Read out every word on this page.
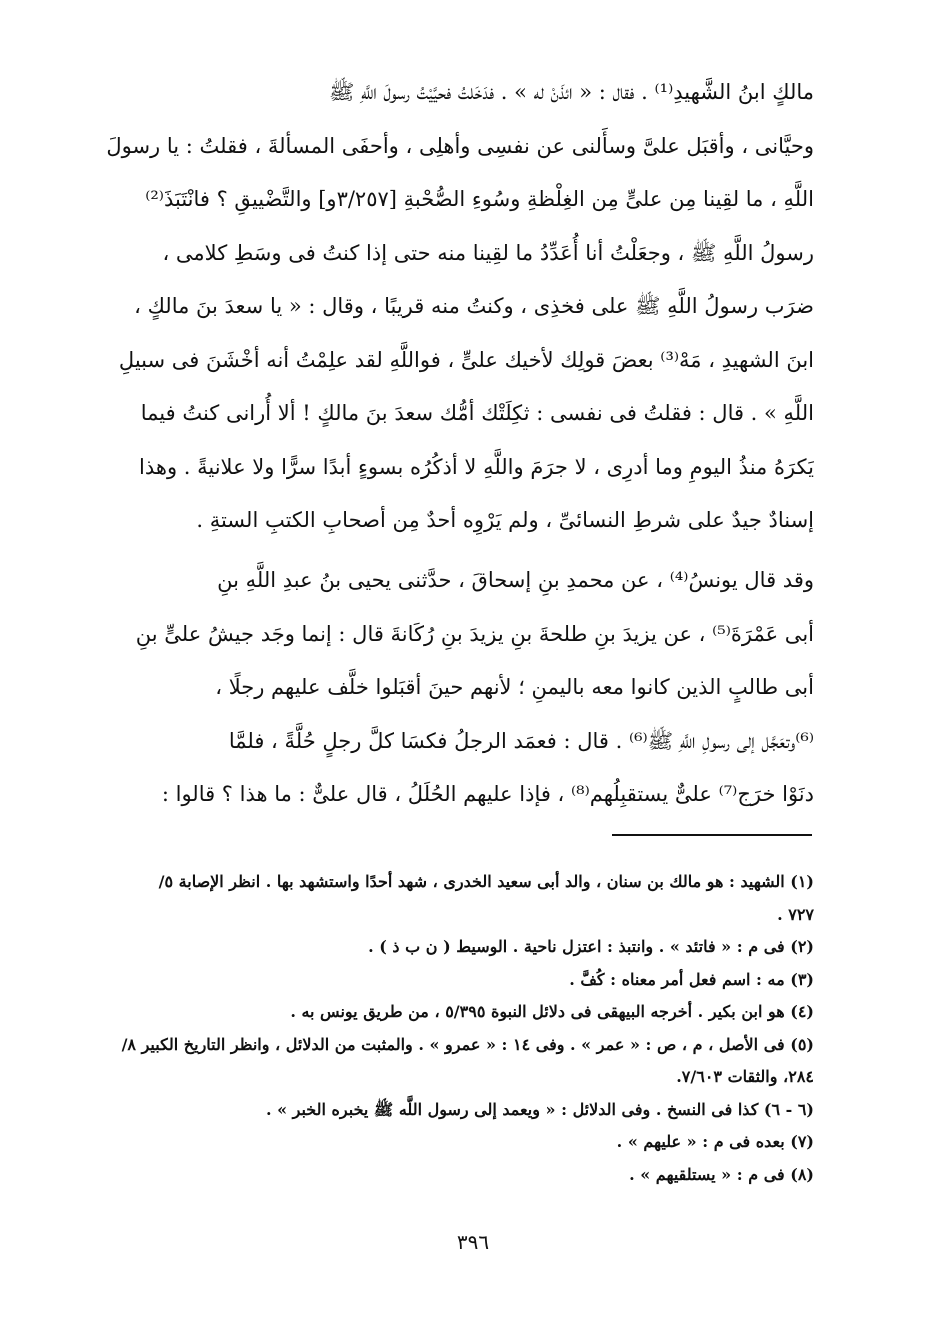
مالكٍ ابنُ الشَّهيدِ⁽¹⁾ . فقال : « ائذَنْ له » . فدَخَلتُ فحيَّيْتُ رسولَ اللَّهِ ﷺ
وحيَّانى ، وأقبَل علىَّ وسأَلنى عن نفسِى وأهلِى ، وأحفَى المسألةَ ، فقلتُ : يا رسولَ
اللَّهِ ، ما لقِينا مِن علىٍّ مِن الغِلْظةِ وسُوءِ الصُّحْبةِ [٣/٢٥٧و] والتَّضْييقِ ؟ فانْتَبَذَ⁽²⁾
رسولُ اللَّهِ ﷺ ، وجعَلْتُ أنا أُعَدِّدُ ما لقِينا منه حتى إذا كنتُ فى وسَطِ كلامى ،
ضرَب رسولُ اللَّهِ ﷺ على فخذِى ، وكنتُ منه قريبًا ، وقال : « يا سعدَ بنَ مالكٍ ،
ابنَ الشهيدِ ، مَهْ⁽³⁾ بعضَ قولِك لأخيك علىٍّ ، فواللَّهِ لقد علِمْتُ أنه أخْشَنَ فى سبيلِ
اللَّهِ » . قال : فقلتُ فى نفسى : ثكِلَتْك أمُّك سعدَ بنَ مالكٍ ! ألا أُرانى كنتُ فيما
يَكرَهُ منذُ اليومِ وما أدرِى ، لا جرَمَ واللَّهِ لا أذكُرُه بسوءٍ أبدًا سرًّا ولا علانيةً . وهذا
إسنادٌ جيدٌ على شرطِ النسائىِّ ، ولم يَرْوِه أحدٌ مِن أصحابِ الكتبِ الستةِ .
وقد قال يونسُ⁽⁴⁾ ، عن محمدِ بنِ إسحاقَ ، حدَّثنى يحيى بنُ عبدِ اللَّهِ بنِ
أبى عَمْرَةَ⁽⁵⁾ ، عن يزيدَ بنِ طلحةَ بنِ يزيدَ بنِ رُكَانةَ قال : إنما وجَد جيشُ علىٍّ بنِ
أبى طالبٍ الذين كانوا معه باليمنِ ؛ لأنهم حينَ أقبَلوا خلَّف عليهم رجلًا ،
⁽⁶⁾وتعَجَّل إلى رسولِ اللَّهِ ﷺ⁽⁶⁾ . قال : فعمَد الرجلُ فكسَا كلَّ رجلٍ حُلَّةً ، فلمَّا
دنَوْا خرَج⁽⁷⁾ علىٌّ يستقبِلُهم⁽⁸⁾ ، فإذا عليهم الحُلَلُ ، قال علىٌّ : ما هذا ؟ قالوا :
(١) الشهيد : هو مالك بن سنان ، والد أبى سعيد الخدرى ، شهد أحدًا واستشهد بها . انظر الإصابة ٥/
٧٢٧ .
(٢) فى م : « فاتئد » . وانتبذ : اعتزل ناحية . الوسيط ( ن ب ذ ) .
(٣) مه : اسم فعل أمر معناه : كُفَّ .
(٤) هو ابن بكير . أخرجه البيهقى فى دلائل النبوة ٥/٣٩٥ ، من طريق يونس به .
(٥) فى الأصل ، م ، ص : « عمر » . وفى ١٤ : « عمرو » . والمثبت من الدلائل ، وانظر التاريخ الكبير ٨/
٢٨٤، والثقات ٧/٦٠٣.
(٦ - ٦) كذا فى النسخ . وفى الدلائل : « ويعمد إلى رسول اللَّه ﷺ يخبره الخبر » .
(٧) بعده فى م : « عليهم » .
(٨) فى م : « يستلقيهم » .
٣٩٦
